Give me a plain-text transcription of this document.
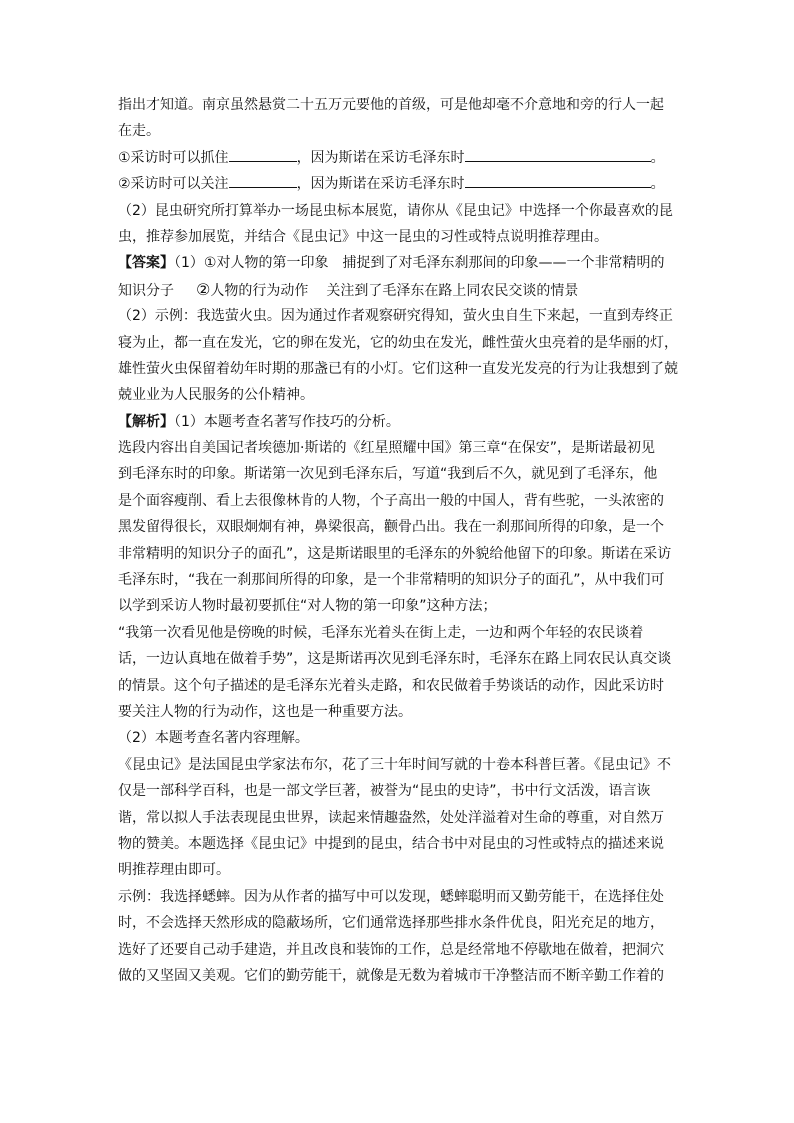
指出才知道。南京虽然悬赏二十五万元要他的首级，可是他却毫不介意地和旁的行人一起
在走。
①采访时可以抓住	，因为斯诺在采访毛泽东时	。
②采访时可以关注	，因为斯诺在采访毛泽东时	。
（2）昆虫研究所打算举办一场昆虫标本展览，请你从《昆虫记》中选择一个你最喜欢的昆
虫，推荐参加展览，并结合《昆虫记》中这一昆虫的习性或特点说明推荐理由。
【答案】（1）①对人物的第一印象　捕捉到了对毛泽东刹那间的印象——一个非常精明的
知识分子 ②人物的行为动作 关注到了毛泽东在路上同农民交谈的情景
（2）示例：我选萤火虫。因为通过作者观察研究得知，萤火虫自生下来起，一直到寿终正
寝为止，都一直在发光，它的卵在发光，它的幼虫在发光，雌性萤火虫亮着的是华丽的灯，
雄性萤火虫保留着幼年时期的那盏已有的小灯。它们这种一直发光发亮的行为让我想到了兢
兢业业为人民服务的公仆精神。
【解析】（1）本题考查名著写作技巧的分析。
选段内容出自美国记者埃德加·斯诺的《红星照耀中国》第三章“在保安”，是斯诺最初见
到毛泽东时的印象。斯诺第一次见到毛泽东后，写道“我到后不久，就见到了毛泽东，他
是个面容瘦削、看上去很像林肯的人物，个子高出一般的中国人，背有些驼，一头浓密的
黑发留得很长，双眼炯炯有神，鼻梁很高，颧骨凸出。我在一刹那间所得的印象，是一个
非常精明的知识分子的面孔”，这是斯诺眼里的毛泽东的外貌给他留下的印象。斯诺在采访
毛泽东时，“我在一刹那间所得的印象，是一个非常精明的知识分子的面孔”，从中我们可
以学到采访人物时最初要抓住“对人物的第一印象”这种方法；
“我第一次看见他是傍晚的时候，毛泽东光着头在街上走，一边和两个年轻的农民谈着
话，一边认真地在做着手势”，这是斯诺再次见到毛泽东时，毛泽东在路上同农民认真交谈
的情景。这个句子描述的是毛泽东光着头走路，和农民做着手势谈话的动作，因此采访时
要关注人物的行为动作，这也是一种重要方法。
（2）本题考查名著内容理解。
《昆虫记》是法国昆虫学家法布尔，花了三十年时间写就的十卷本科普巨著。《昆虫记》不
仅是一部科学百科，也是一部文学巨著，被誉为“昆虫的史诗”，书中行文活泼，语言诙
谐，常以拟人手法表现昆虫世界，读起来情趣盎然，处处洋溢着对生命的尊重，对自然万
物的赞美。本题选择《昆虫记》中提到的昆虫，结合书中对昆虫的习性或特点的描述来说
明推荐理由即可。
示例：我选择蟋蟀。因为从作者的描写中可以发现，蟋蟀聪明而又勤劳能干，在选择住处
时，不会选择天然形成的隐蔽场所，它们通常选择那些排水条件优良，阳光充足的地方，
选好了还要自己动手建造，并且改良和装饰的工作，总是经常地不停歇地在做着，把洞穴
做的又坚固又美观。它们的勤劳能干，就像是无数为着城市干净整洁而不断辛勤工作着的
